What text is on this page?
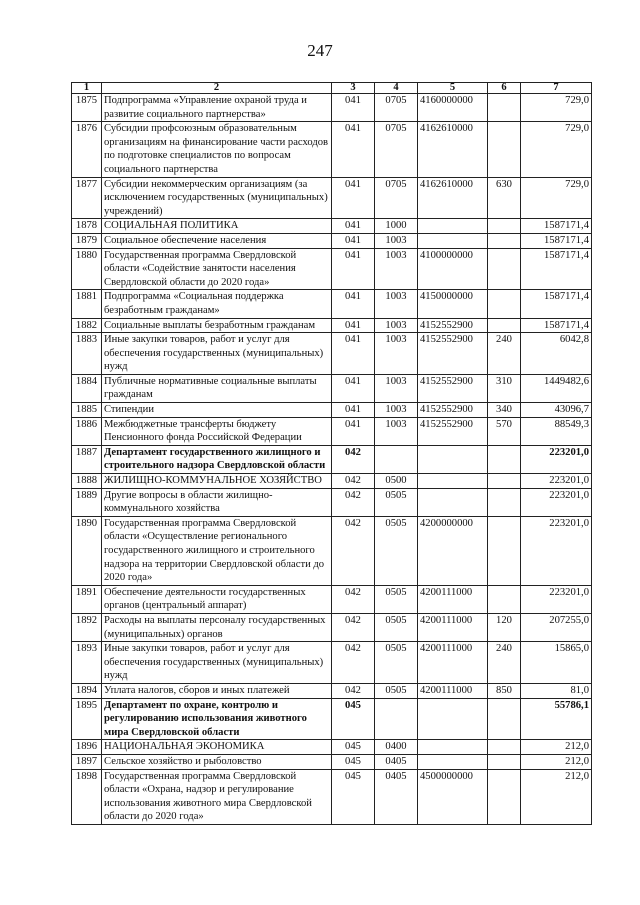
247
1	2	3	4	5	6	7
1875	Подпрограмма «Управление охраной труда и развитие социального партнерства»	041	0705	4160000000		729,0
1876	Субсидии профсоюзным образовательным организациям на финансирование части расходов по подготовке специалистов по вопросам социального партнерства	041	0705	4162610000		729,0
1877	Субсидии некоммерческим организациям (за исключением государственных (муниципальных) учреждений)	041	0705	4162610000	630	729,0
1878	СОЦИАЛЬНАЯ ПОЛИТИКА	041	1000			1587171,4
1879	Социальное обеспечение населения	041	1003			1587171,4
1880	Государственная программа Свердловской области «Содействие занятости населения Свердловской области до 2020 года»	041	1003	4100000000		1587171,4
1881	Подпрограмма «Социальная поддержка безработным гражданам»	041	1003	4150000000		1587171,4
1882	Социальные выплаты безработным гражданам	041	1003	4152552900		1587171,4
1883	Иные закупки товаров, работ и услуг для обеспечения государственных (муниципальных) нужд	041	1003	4152552900	240	6042,8
1884	Публичные нормативные социальные выплаты гражданам	041	1003	4152552900	310	1449482,6
1885	Стипендии	041	1003	4152552900	340	43096,7
1886	Межбюджетные трансферты бюджету Пенсионного фонда Российской Федерации	041	1003	4152552900	570	88549,3
1887	Департамент государственного жилищного и строительного надзора Свердловской области	042				223201,0
1888	ЖИЛИЩНО-КОММУНАЛЬНОЕ ХОЗЯЙСТВО	042	0500			223201,0
1889	Другие вопросы в области жилищно-коммунального хозяйства	042	0505			223201,0
1890	Государственная программа Свердловской области «Осуществление регионального государственного жилищного и строительного надзора на территории Свердловской области до 2020 года»	042	0505	4200000000		223201,0
1891	Обеспечение деятельности государственных органов (центральный аппарат)	042	0505	4200111000		223201,0
1892	Расходы на выплаты персоналу государственных (муниципальных) органов	042	0505	4200111000	120	207255,0
1893	Иные закупки товаров, работ и услуг для обеспечения государственных (муниципальных) нужд	042	0505	4200111000	240	15865,0
1894	Уплата налогов, сборов и иных платежей	042	0505	4200111000	850	81,0
1895	Департамент по охране, контролю и регулированию использования животного мира Свердловской области	045				55786,1
1896	НАЦИОНАЛЬНАЯ ЭКОНОМИКА	045	0400			212,0
1897	Сельское хозяйство и рыболовство	045	0405			212,0
1898	Государственная программа Свердловской области «Охрана, надзор и регулирование использования животного мира Свердловской области до 2020 года»	045	0405	4500000000		212,0
